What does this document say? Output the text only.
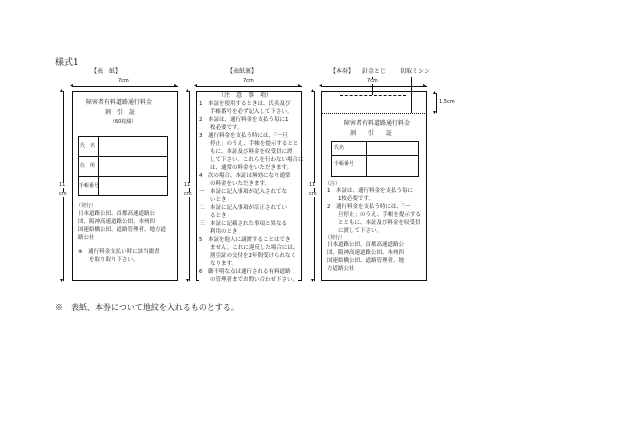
様式1
【表　紙】
◂	▸
7cm
▴
▾
11
cm
障害者有料道路通行料金
割　引　証
（60枚綴）
氏　名
住　所
手帳番号
（発行）
日本道路公団、首都高速道路公
団、阪神高速道路公団、本州四
国連絡橋公団、道路管理者、地方道
路公社
※　通行料金支払い時に該当綴書
　　を取り取り下さい。
【表紙裏】
◂	▸
7cm
▴
▾
11
cm
（注　意　事　項）
1　本証を使用するときは、氏名及び
　　手帳番号を必ず記入して下さい。
2　本証は、通行料金を支払う毎に1
　　枚必要です。
3　通行料金を支払う時には、「一旦
　　停止」のうえ、手帳を提示するとと
　　もに、本証及び料金を収受員に渡
　　して下さい。これらを行わない場合に
　　は、通常の料金をいただきます。
4　次の場合、本証は無効になり通常
　　の料金をいただきます。
一　本証に記入事項が記入されてな
　　いとき
二　本証に記入事項が訂正されてい
　　るとき
三　本証に記載された事項と異なる
　　利用のとき
5　本証を他人に譲渡することはでき
　　ません。これに違反した場合には、
　　割引証の交付を2年間受けられなく
　　なります。
6　御不明な点は通行される有料道路
　　の管理者までお問い合わせ下さい。
【本券】 針金とじ 切取ミシン
◂	▸
7cm
▴
▾
11
cm
▴
▾
1.5cm
障害者有料道路通行料金
割　　引　　証
氏名
手帳番号
（注）
1　本証は、通行料金を支払う毎に
　　1枚必要です。
2　通行料金を支払う時には、「一
　　旦停止」のうえ、手帳を提示する
　　とともに、本証及び料金を収受員
　　に渡して下さい。
（発行）
日本道路公団、首都高速道路公
団、阪神高速道路公団、本州四
国連絡橋公団、道路管理者、地
方道路公社
※　表紙、本券について地紋を入れるものとする。
